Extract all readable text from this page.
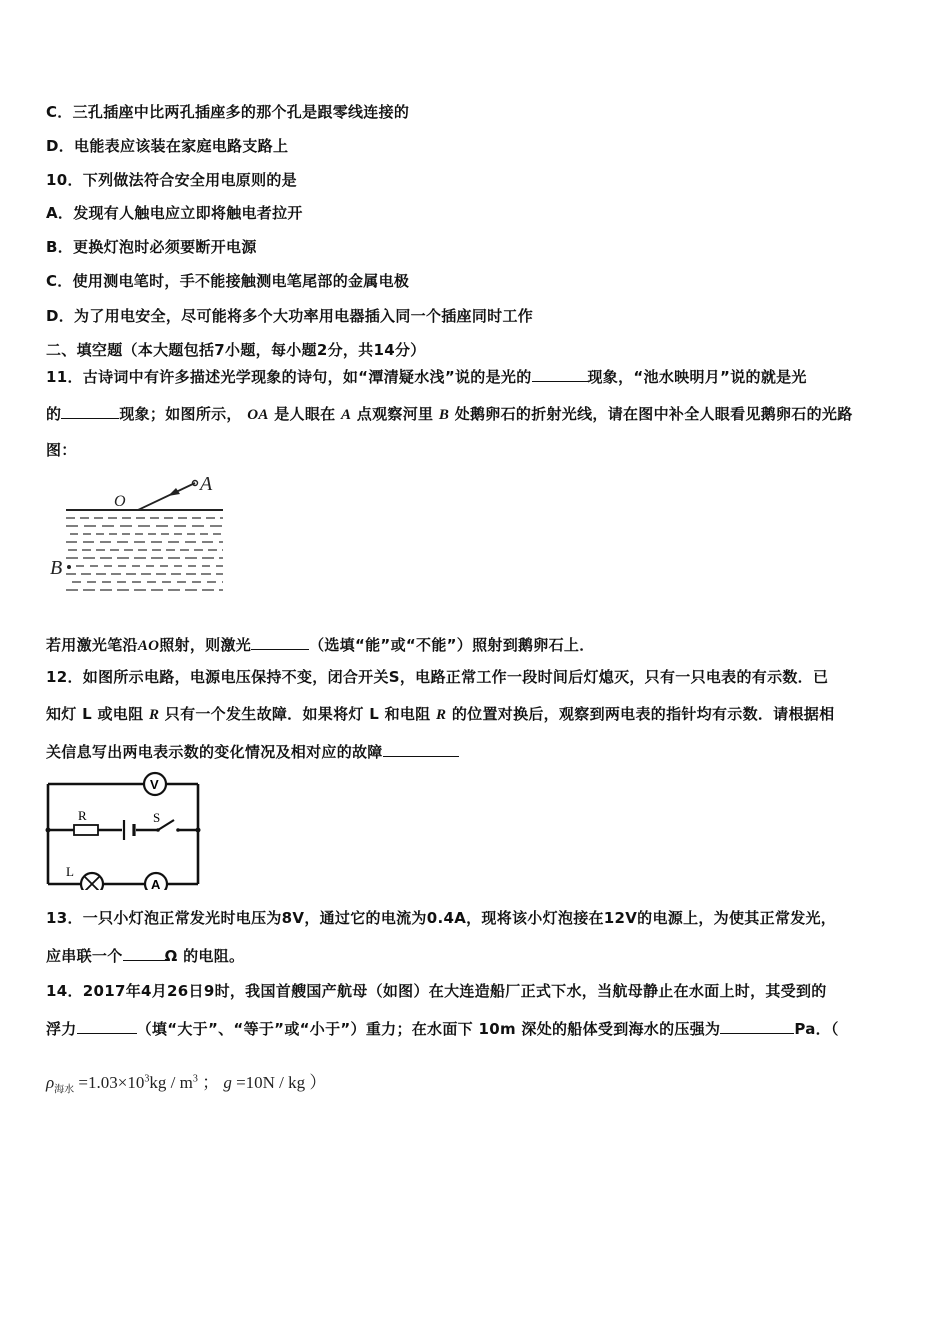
C．三孔插座中比两孔插座多的那个孔是跟零线连接的
D．电能表应该装在家庭电路支路上
10．下列做法符合安全用电原则的是
A．发现有人触电应立即将触电者拉开
B．更换灯泡时必须要断开电源
C．使用测电笔时，手不能接触测电笔尾部的金属电极
D．为了用电安全，尽可能将多个大功率用电器插入同一个插座同时工作
二、填空题（本大题包括7小题，每小题2分，共14分）
11．古诗词中有许多描述光学现象的诗句，如“潭清疑水浅”说的是光的	现象，“池水映明月”说的就是光
的	现象；如图所示， OA 是人眼在 A 点观察河里 B 处鹅卵石的折射光线，请在图中补全人眼看见鹅卵石的光路
图：
O
A
B
若用激光笔沿AO照射，则激光	（选填“能”或“不能”）照射到鹅卵石上．
12．如图所示电路，电源电压保持不变，闭合开关S，电路正常工作一段时间后灯熄灭，只有一只电表的有示数．已
知灯 L 或电阻 R 只有一个发生故障．如果将灯 L 和电阻 R 的位置对换后，观察到两电表的指针均有示数．请根据相
关信息写出两电表示数的变化情况及相对应的故障
V
R	S
L
A
13．一只小灯泡正常发光时电压为8V，通过它的电流为0.4A，现将该小灯泡接在12V的电源上，为使其正常发光，
应串联一个	Ω 的电阻。
14．2017年4月26日9时，我国首艘国产航母（如图）在大连造船厂正式下水，当航母静止在水面上时，其受到的
浮力	（填“大于”、“等于”或“小于”）重力；在水面下 10m 深处的船体受到海水的压强为	Pa．（
$\rho_{海水} =1.03\times 10^3kg / m^3$ ； g =10N / kg ）
